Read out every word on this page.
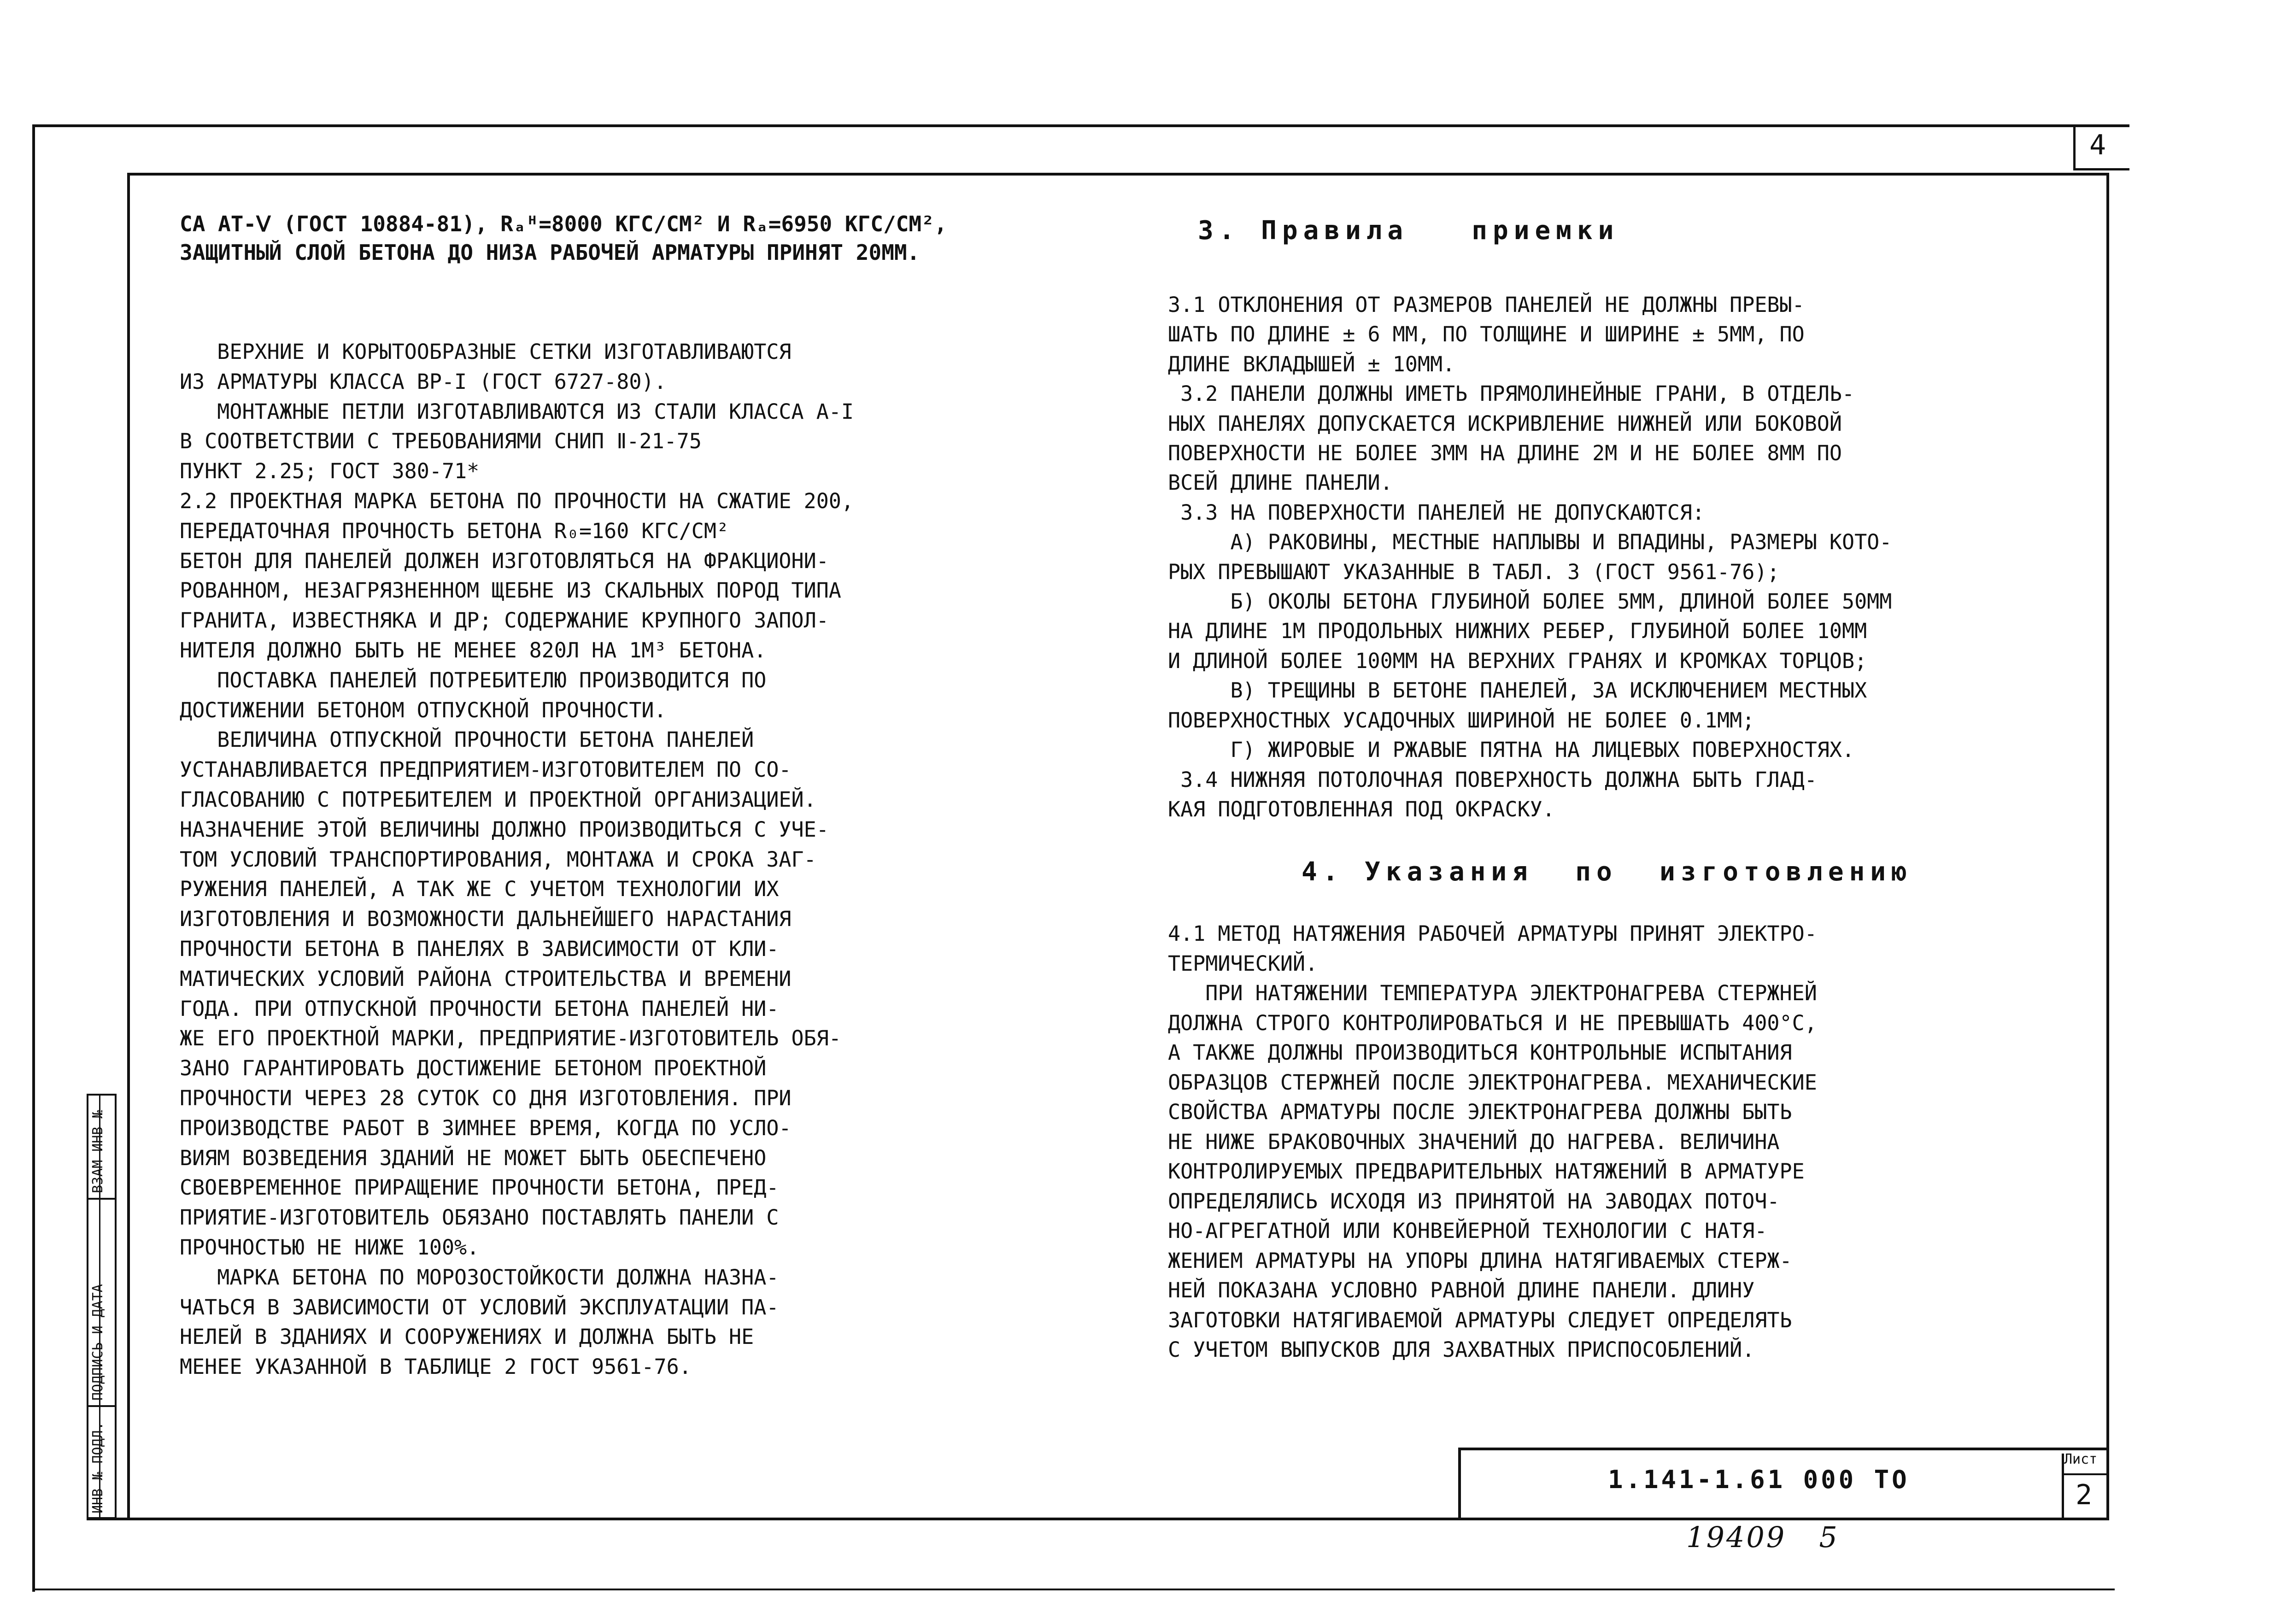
4
СА АТ-Ⅴ (ГОСТ 10884-81), Rₐᴴ=8000 КГС/СМ² И Rₐ=6950 КГС/СМ²,
ЗАЩИТНЫЙ СЛОЙ БЕТОНА ДО НИЗА РАБОЧЕЙ АРМАТУРЫ ПРИНЯТ 20ММ.
ВЕРХНИЕ И КОРЫТООБРАЗНЫЕ СЕТКИ ИЗГОТАВЛИВАЮТСЯ
ИЗ АРМАТУРЫ КЛАССА BP-I (ГОСТ 6727-80).
МОНТАЖНЫЕ ПЕТЛИ ИЗГОТАВЛИВАЮТСЯ ИЗ СТАЛИ КЛАССА А-I
В СООТВЕТСТВИИ С ТРЕБОВАНИЯМИ СНИП Ⅱ-21-75
ПУНКТ 2.25; ГОСТ 380-71*
2.2 ПРОЕКТНАЯ МАРКА БЕТОНА ПО ПРОЧНОСТИ НА СЖАТИЕ 200,
ПЕРЕДАТОЧНАЯ ПРОЧНОСТЬ БЕТОНА R₀=160 КГС/СМ²
БЕТОН ДЛЯ ПАНЕЛЕЙ ДОЛЖЕН ИЗГОТОВЛЯТЬСЯ НА ФРАКЦИОНИ-
РОВАННОМ, НЕЗАГРЯЗНЕННОМ ЩЕБНЕ ИЗ СКАЛЬНЫХ ПОРОД ТИПА
ГРАНИТА, ИЗВЕСТНЯКА И ДР; СОДЕРЖАНИЕ КРУПНОГО ЗАПОЛ-
НИТЕЛЯ ДОЛЖНО БЫТЬ НЕ МЕНЕЕ 820Л НА 1М³ БЕТОНА.
ПОСТАВКА ПАНЕЛЕЙ ПОТРЕБИТЕЛЮ ПРОИЗВОДИТСЯ ПО
ДОСТИЖЕНИИ БЕТОНОМ ОТПУСКНОЙ ПРОЧНОСТИ.
ВЕЛИЧИНА ОТПУСКНОЙ ПРОЧНОСТИ БЕТОНА ПАНЕЛЕЙ
УСТАНАВЛИВАЕТСЯ ПРЕДПРИЯТИЕМ-ИЗГОТОВИТЕЛЕМ ПО СО-
ГЛАСОВАНИЮ С ПОТРЕБИТЕЛЕМ И ПРОЕКТНОЙ ОРГАНИЗАЦИЕЙ.
НАЗНАЧЕНИЕ ЭТОЙ ВЕЛИЧИНЫ ДОЛЖНО ПРОИЗВОДИТЬСЯ С УЧЕ-
ТОМ УСЛОВИЙ ТРАНСПОРТИРОВАНИЯ, МОНТАЖА И СРОКА ЗАГ-
РУЖЕНИЯ ПАНЕЛЕЙ, А ТАК ЖЕ С УЧЕТОМ ТЕХНОЛОГИИ ИХ
ИЗГОТОВЛЕНИЯ И ВОЗМОЖНОСТИ ДАЛЬНЕЙШЕГО НАРАСТАНИЯ
ПРОЧНОСТИ БЕТОНА В ПАНЕЛЯХ В ЗАВИСИМОСТИ ОТ КЛИ-
МАТИЧЕСКИХ УСЛОВИЙ РАЙОНА СТРОИТЕЛЬСТВА И ВРЕМЕНИ
ГОДА. ПРИ ОТПУСКНОЙ ПРОЧНОСТИ БЕТОНА ПАНЕЛЕЙ НИ-
ЖЕ ЕГО ПРОЕКТНОЙ МАРКИ, ПРЕДПРИЯТИЕ-ИЗГОТОВИТЕЛЬ ОБЯ-
ЗАНО ГАРАНТИРОВАТЬ ДОСТИЖЕНИЕ БЕТОНОМ ПРОЕКТНОЙ
ПРОЧНОСТИ ЧЕРЕЗ 28 СУТОК СО ДНЯ ИЗГОТОВЛЕНИЯ. ПРИ
ПРОИЗВОДСТВЕ РАБОТ В ЗИМНЕЕ ВРЕМЯ, КОГДА ПО УСЛО-
ВИЯМ ВОЗВЕДЕНИЯ ЗДАНИЙ НЕ МОЖЕТ БЫТЬ ОБЕСПЕЧЕНО
СВОЕВРЕМЕННОЕ ПРИРАЩЕНИЕ ПРОЧНОСТИ БЕТОНА, ПРЕД-
ПРИЯТИЕ-ИЗГОТОВИТЕЛЬ ОБЯЗАНО ПОСТАВЛЯТЬ ПАНЕЛИ С
ПРОЧНОСТЬЮ НЕ НИЖЕ 100%.
МАРКА БЕТОНА ПО МОРОЗОСТОЙКОСТИ ДОЛЖНА НАЗНА-
ЧАТЬСЯ В ЗАВИСИМОСТИ ОТ УСЛОВИЙ ЭКСПЛУАТАЦИИ ПА-
НЕЛЕЙ В ЗДАНИЯХ И СООРУЖЕНИЯХ И ДОЛЖНА БЫТЬ НЕ
МЕНЕЕ УКАЗАННОЙ В ТАБЛИЦЕ 2 ГОСТ 9561-76.
3. Правила   приемки
3.1 ОТКЛОНЕНИЯ ОТ РАЗМЕРОВ ПАНЕЛЕЙ НЕ ДОЛЖНЫ ПРЕВЫ-
ШАТЬ ПО ДЛИНЕ ± 6 ММ, ПО ТОЛЩИНЕ И ШИРИНЕ ± 5ММ, ПО
ДЛИНЕ ВКЛАДЫШЕЙ ± 10ММ.
3.2 ПАНЕЛИ ДОЛЖНЫ ИМЕТЬ ПРЯМОЛИНЕЙНЫЕ ГРАНИ, В ОТДЕЛЬ-
НЫХ ПАНЕЛЯХ ДОПУСКАЕТСЯ ИСКРИВЛЕНИЕ НИЖНЕЙ ИЛИ БОКОВОЙ
ПОВЕРХНОСТИ НЕ БОЛЕЕ 3ММ НА ДЛИНЕ 2М И НЕ БОЛЕЕ 8ММ ПО
ВСЕЙ ДЛИНЕ ПАНЕЛИ.
3.3 НА ПОВЕРХНОСТИ ПАНЕЛЕЙ НЕ ДОПУСКАЮТСЯ:
А) РАКОВИНЫ, МЕСТНЫЕ НАПЛЫВЫ И ВПАДИНЫ, РАЗМЕРЫ КОТО-
РЫХ ПРЕВЫШАЮТ УКАЗАННЫЕ В ТАБЛ. 3 (ГОСТ 9561-76);
Б) ОКОЛЫ БЕТОНА ГЛУБИНОЙ БОЛЕЕ 5ММ, ДЛИНОЙ БОЛЕЕ 50ММ
НА ДЛИНЕ 1М ПРОДОЛЬНЫХ НИЖНИХ РЕБЕР, ГЛУБИНОЙ БОЛЕЕ 10ММ
И ДЛИНОЙ БОЛЕЕ 100ММ НА ВЕРХНИХ ГРАНЯХ И КРОМКАХ ТОРЦОВ;
В) ТРЕЩИНЫ В БЕТОНЕ ПАНЕЛЕЙ, ЗА ИСКЛЮЧЕНИЕМ МЕСТНЫХ
ПОВЕРХНОСТНЫХ УСАДОЧНЫХ ШИРИНОЙ НЕ БОЛЕЕ 0.1ММ;
Г) ЖИРОВЫЕ И РЖАВЫЕ ПЯТНА НА ЛИЦЕВЫХ ПОВЕРХНОСТЯХ.
3.4 НИЖНЯЯ ПОТОЛОЧНАЯ ПОВЕРХНОСТЬ ДОЛЖНА БЫТЬ ГЛАД-
КАЯ ПОДГОТОВЛЕННАЯ ПОД ОКРАСКУ.
4. Указания  по  изготовлению
4.1 МЕТОД НАТЯЖЕНИЯ РАБОЧЕЙ АРМАТУРЫ ПРИНЯТ ЭЛЕКТРО-
ТЕРМИЧЕСКИЙ.
ПРИ НАТЯЖЕНИИ ТЕМПЕРАТУРА ЭЛЕКТРОНАГРЕВА СТЕРЖНЕЙ
ДОЛЖНА СТРОГО КОНТРОЛИРОВАТЬСЯ И НЕ ПРЕВЫШАТЬ 400°С,
А ТАКЖЕ ДОЛЖНЫ ПРОИЗВОДИТЬСЯ КОНТРОЛЬНЫЕ ИСПЫТАНИЯ
ОБРАЗЦОВ СТЕРЖНЕЙ ПОСЛЕ ЭЛЕКТРОНАГРЕВА. МЕХАНИЧЕСКИЕ
СВОЙСТВА АРМАТУРЫ ПОСЛЕ ЭЛЕКТРОНАГРЕВА ДОЛЖНЫ БЫТЬ
НЕ НИЖЕ БРАКОВОЧНЫХ ЗНАЧЕНИЙ ДО НАГРЕВА. ВЕЛИЧИНА
КОНТРОЛИРУЕМЫХ ПРЕДВАРИТЕЛЬНЫХ НАТЯЖЕНИЙ В АРМАТУРЕ
ОПРЕДЕЛЯЛИСЬ ИСХОДЯ ИЗ ПРИНЯТОЙ НА ЗАВОДАХ ПОТОЧ-
НО-АГРЕГАТНОЙ ИЛИ КОНВЕЙЕРНОЙ ТЕХНОЛОГИИ С НАТЯ-
ЖЕНИЕМ АРМАТУРЫ НА УПОРЫ ДЛИНА НАТЯГИВАЕМЫХ СТЕРЖ-
НЕЙ ПОКАЗАНА УСЛОВНО РАВНОЙ ДЛИНЕ ПАНЕЛИ. ДЛИНУ
ЗАГОТОВКИ НАТЯГИВАЕМОЙ АРМАТУРЫ СЛЕДУЕТ ОПРЕДЕЛЯТЬ
С УЧЕТОМ ВЫПУСКОВ ДЛЯ ЗАХВАТНЫХ ПРИСПОСОБЛЕНИЙ.
ИНВ № ПОДЛ.
ПОДПИСЬ И ДАТА
ВЗАМ ИНВ №
1.141-1.61 000 ТО
Лист
2
19409   5
